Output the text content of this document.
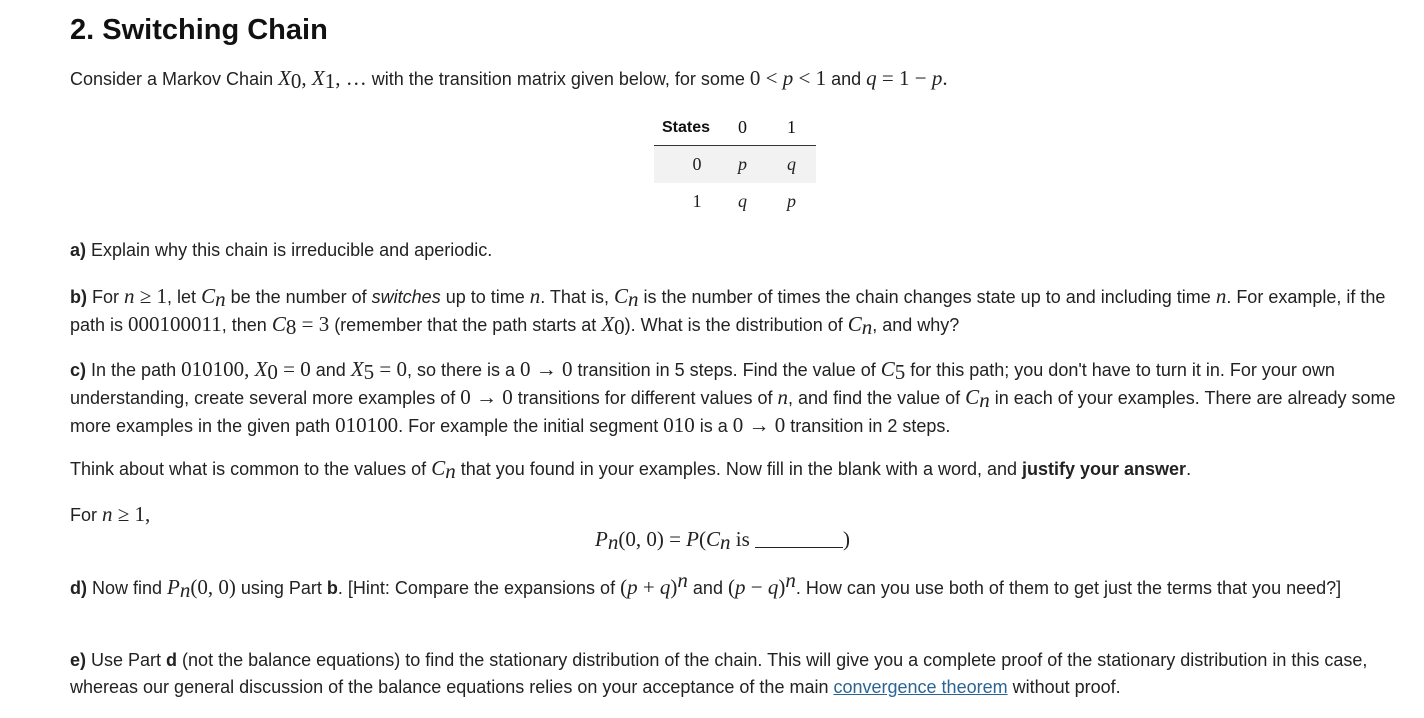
2. Switching Chain

Consider a Markov Chain $X_0$, $X_1$, … with the transition matrix given below, for some 0 < p < 1 and q = 1 − p.

States	0	1
0	p	q
1	q	p

a) Explain why this chain is irreducible and aperiodic.

b) For n ≥ 1, let $C_n$ be the number of switches up to time n. That is, $C_n$ is the number of times the chain changes state up to and including time n. For example, if the path is 000100011, then $C_8 = 3$ (remember that the path starts at $X_0$). What is the distribution of $C_n$, and why?

c) In the path 010100, $X_0 = 0$ and $X_5 = 0$, so there is a 0 → 0 transition in 5 steps. Find the value of $C_5$ for this path; you don't have to turn it in. For your own understanding, create several more examples of 0 → 0 transitions for different values of n, and find the value of $C_n$ in each of your examples. There are already some more examples in the given path 010100. For example the initial segment 010 is a 0 → 0 transition in 2 steps.

Think about what is common to the values of $C_n$ that you found in your examples. Now fill in the blank with a word, and justify your answer.

For n ≥ 1,

$P_n(0$, $0) = P(C_n$ is	)

d) Now find $P_n(0$, 0) using Part b. [Hint: Compare the expansions of $(p + q)^n$ and $(p - q)^n$. How can you use both of them to get just the terms that you need?]

e) Use Part d (not the balance equations) to find the stationary distribution of the chain. This will give you a complete proof of the stationary distribution in this case, whereas our general discussion of the balance equations relies on your acceptance of the main convergence theorem without proof.
